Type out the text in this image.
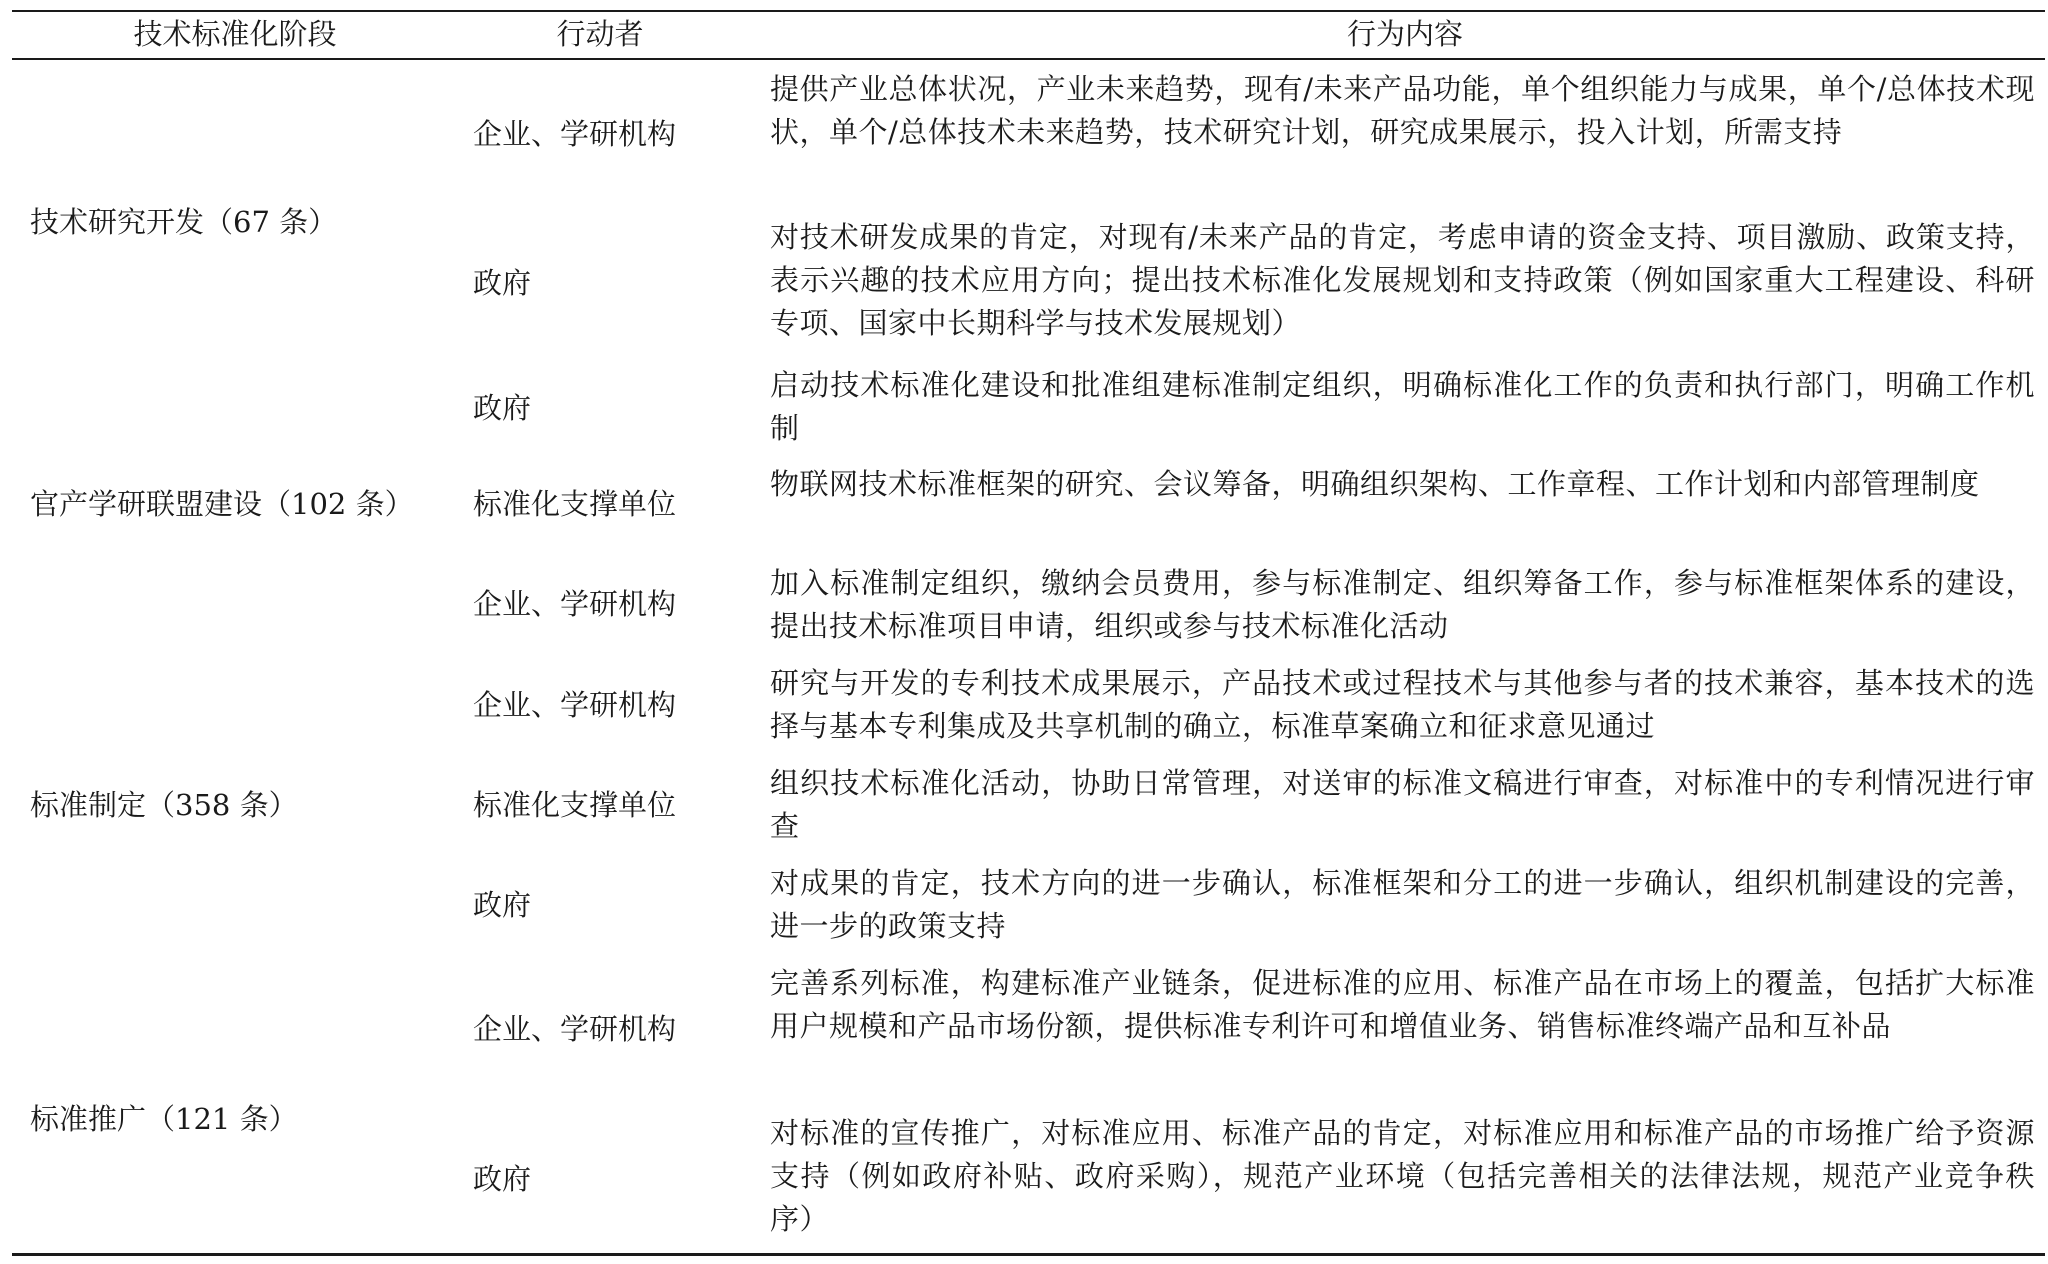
技术标准化阶段	行动者	行为内容
技术研究开发（67 条）
官产学研联盟建设（102 条）
标准制定（358 条）
标准推广（121 条）
企业、学研机构
提供产业总体状况，产业未来趋势，现有/未来产品功能，单个组织能力与成果，单个/总体技术现状，单个/总体技术未来趋势，技术研究计划，研究成果展示，投入计划，所需支持
政府
对技术研发成果的肯定，对现有/未来产品的肯定，考虑申请的资金支持、项目激励、政策支持，表示兴趣的技术应用方向；提出技术标准化发展规划和支持政策（例如国家重大工程建设、科研专项、国家中长期科学与技术发展规划）
政府
启动技术标准化建设和批准组建标准制定组织，明确标准化工作的负责和执行部门，明确工作机制
标准化支撑单位
物联网技术标准框架的研究、会议筹备，明确组织架构、工作章程、工作计划和内部管理制度
企业、学研机构
加入标准制定组织，缴纳会员费用，参与标准制定、组织筹备工作，参与标准框架体系的建设，提出技术标准项目申请，组织或参与技术标准化活动
企业、学研机构
研究与开发的专利技术成果展示，产品技术或过程技术与其他参与者的技术兼容，基本技术的选择与基本专利集成及共享机制的确立，标准草案确立和征求意见通过
标准化支撑单位
组织技术标准化活动，协助日常管理，对送审的标准文稿进行审查，对标准中的专利情况进行审查
政府
对成果的肯定，技术方向的进一步确认，标准框架和分工的进一步确认，组织机制建设的完善，进一步的政策支持
企业、学研机构
完善系列标准，构建标准产业链条，促进标准的应用、标准产品在市场上的覆盖，包括扩大标准用户规模和产品市场份额，提供标准专利许可和增值业务、销售标准终端产品和互补品
政府
对标准的宣传推广，对标准应用、标准产品的肯定，对标准应用和标准产品的市场推广给予资源支持（例如政府补贴、政府采购），规范产业环境（包括完善相关的法律法规，规范产业竞争秩序）
